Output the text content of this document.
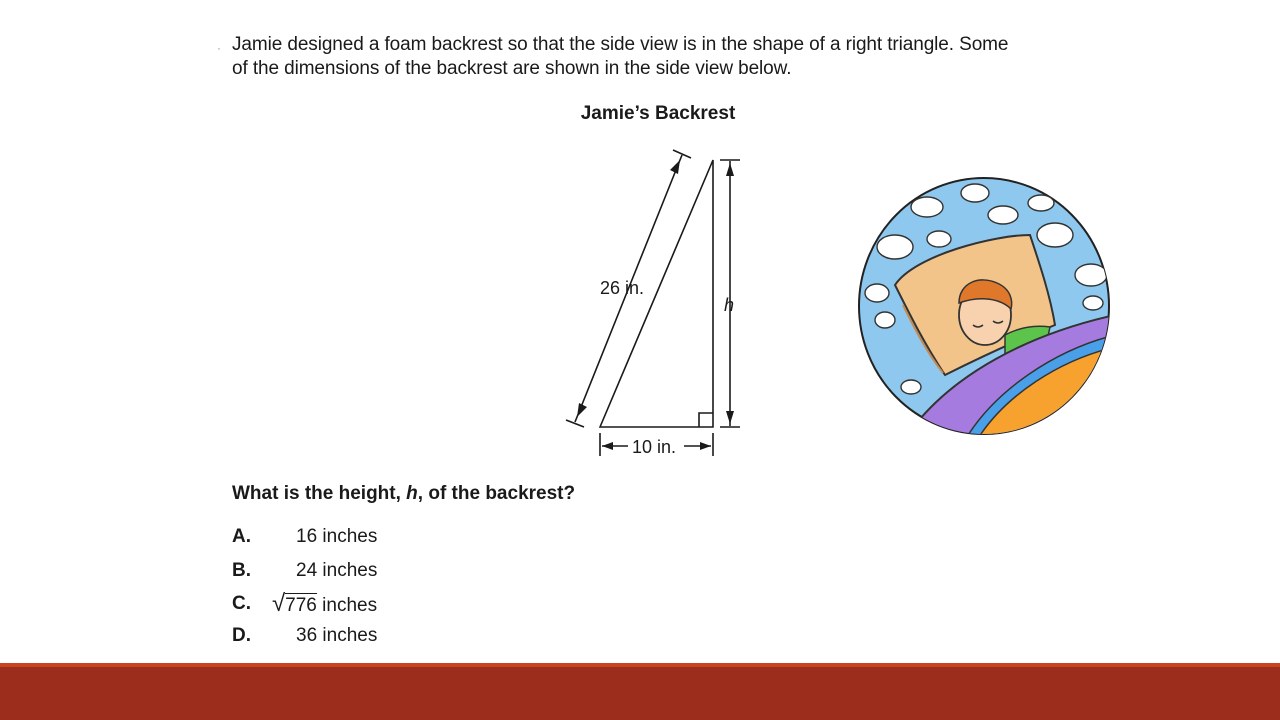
· Jamie designed a foam backrest so that the side view is in the shape of a right triangle. Some
of the dimensions of the backrest are shown in the side view below.
Jamie’s Backrest
26 in.
h
10 in.
What is the height, h, of the backrest?
A. 16 inches
B. 24 inches
C. √776 inches
D. 36 inches
